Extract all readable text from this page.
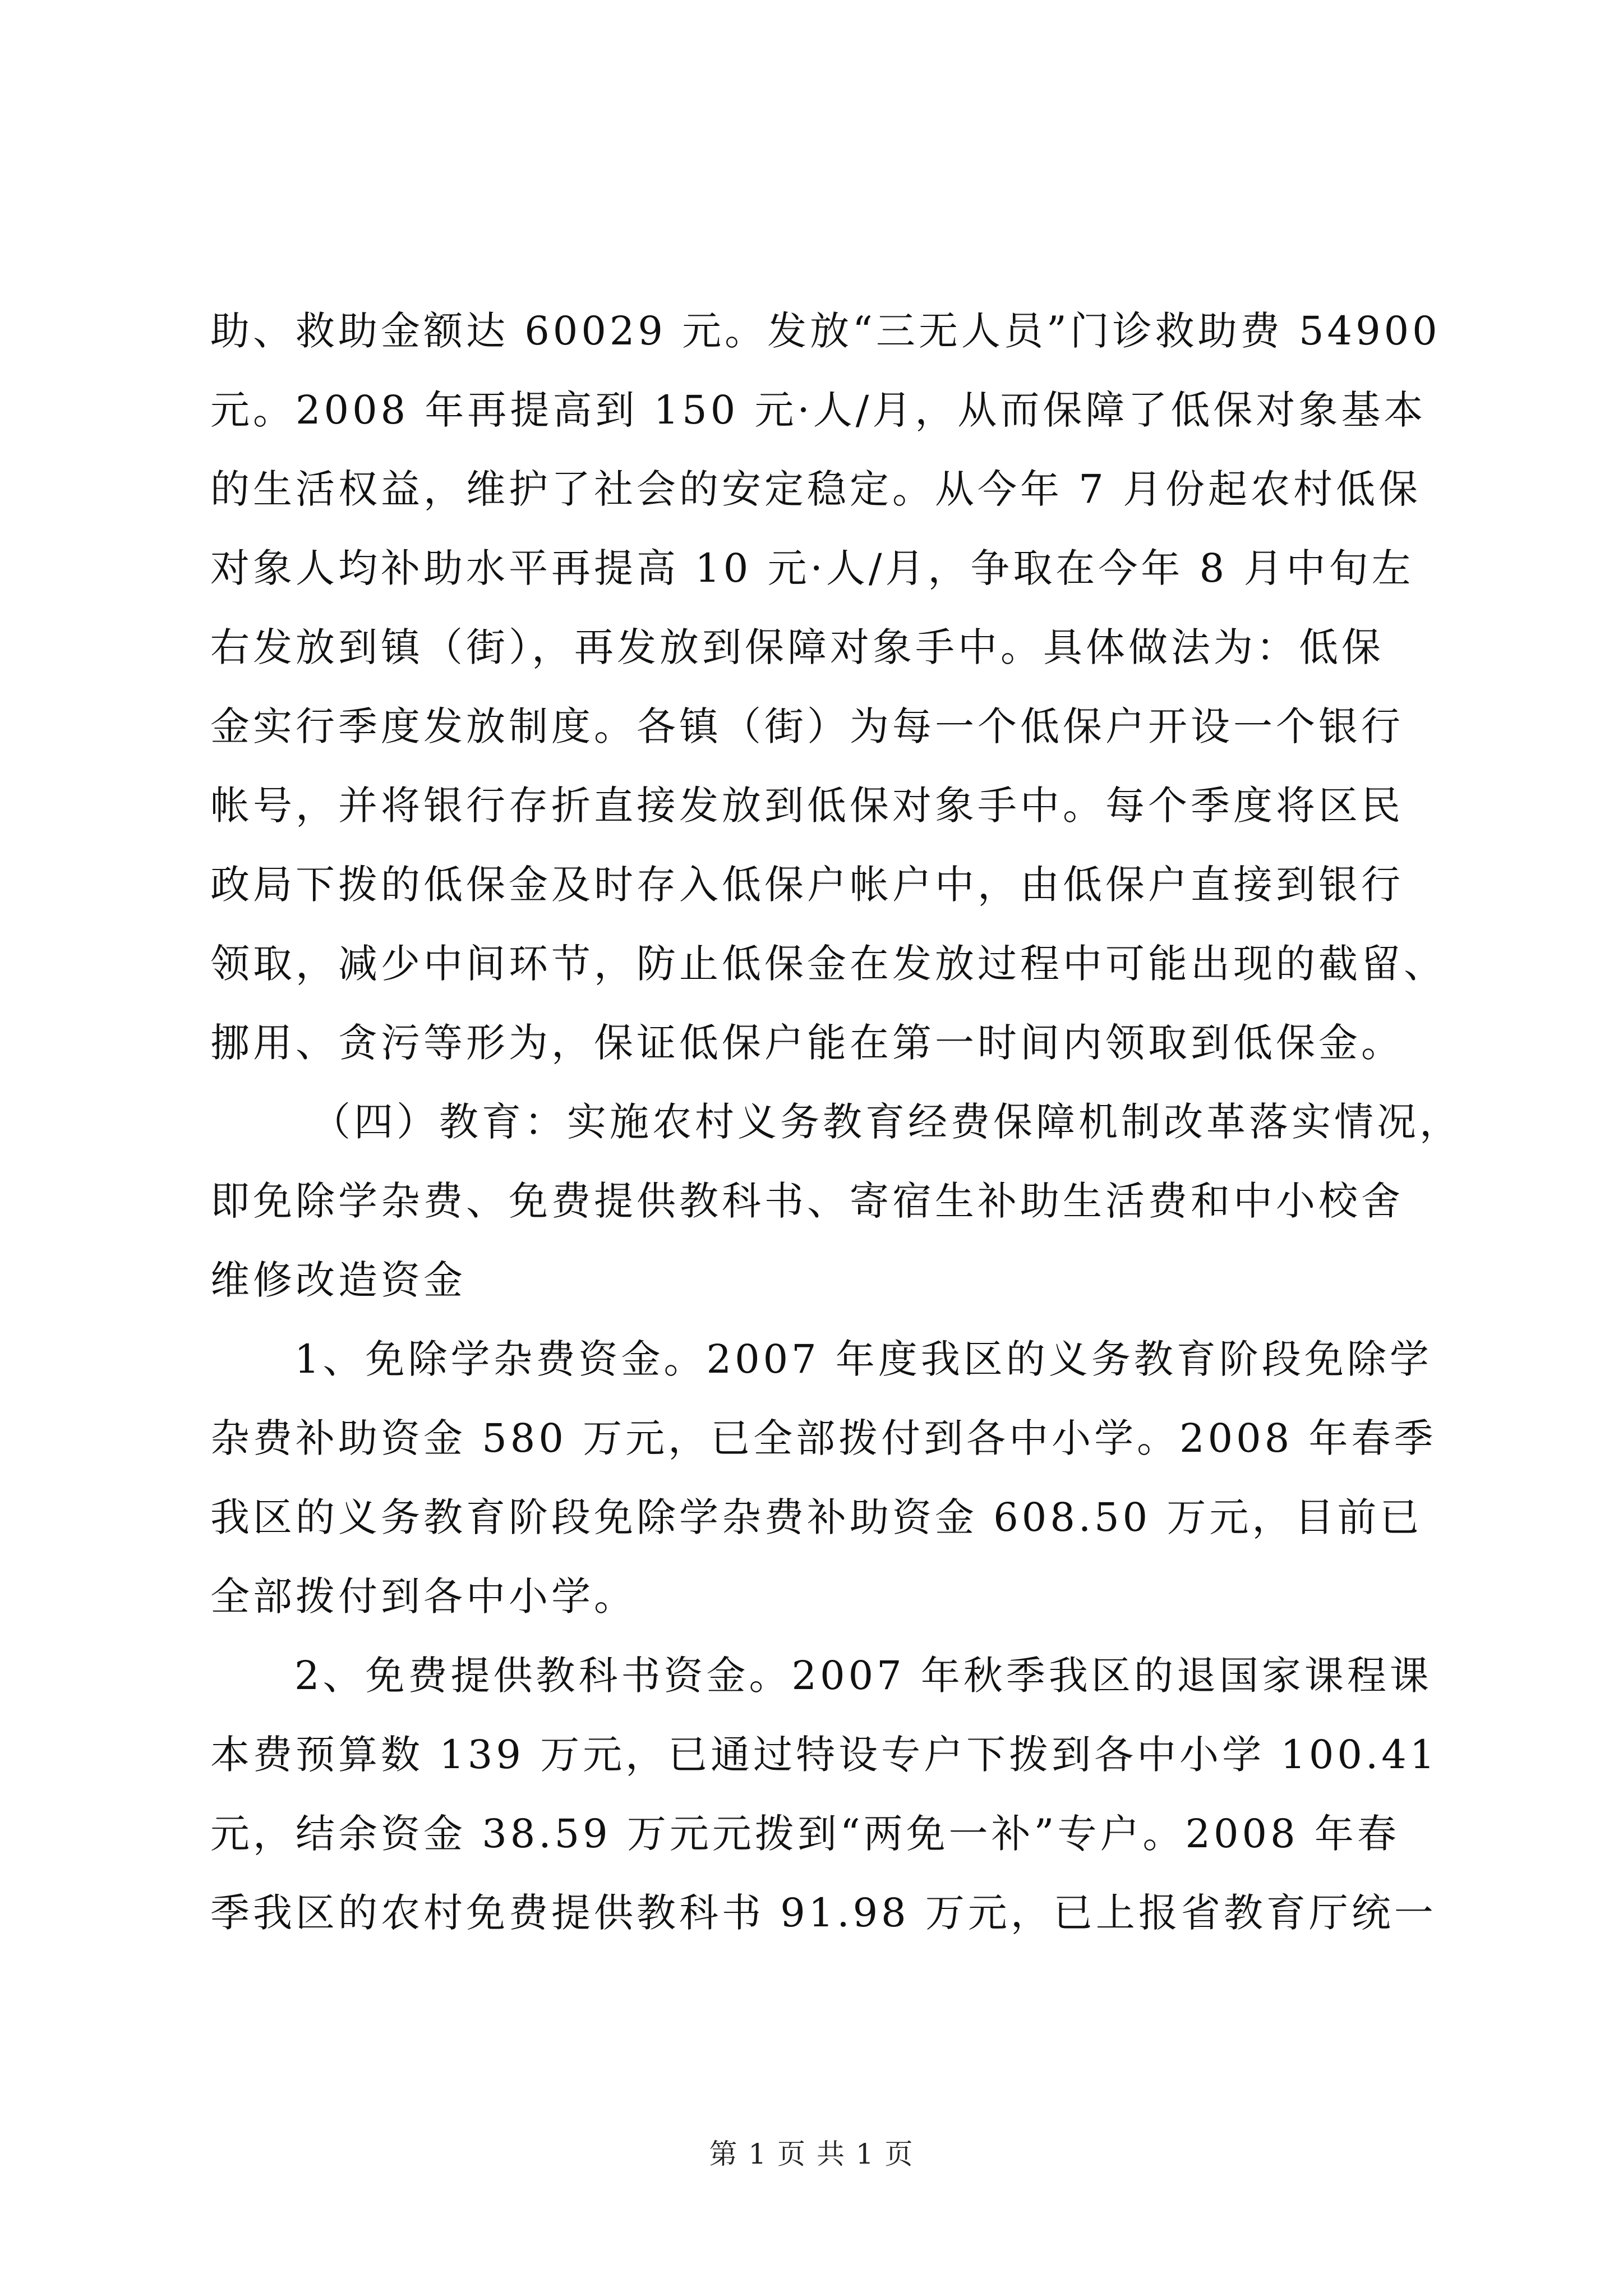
助、救助金额达 60029 元。发放“三无人员”门诊救助费 54900
元。2008 年再提高到 150 元·人/月，从而保障了低保对象基本
的生活权益，维护了社会的安定稳定。从今年 7 月份起农村低保
对象人均补助水平再提高 10 元·人/月，争取在今年 8 月中旬左
右发放到镇（街），再发放到保障对象手中。具体做法为：低保
金实行季度发放制度。各镇（街）为每一个低保户开设一个银行
帐号，并将银行存折直接发放到低保对象手中。每个季度将区民
政局下拨的低保金及时存入低保户帐户中，由低保户直接到银行
领取，减少中间环节，防止低保金在发放过程中可能出现的截留、
挪用、贪污等形为，保证低保户能在第一时间内领取到低保金。
（四）教育：实施农村义务教育经费保障机制改革落实情况，
即免除学杂费、免费提供教科书、寄宿生补助生活费和中小校舍
维修改造资金
1、免除学杂费资金。2007 年度我区的义务教育阶段免除学
杂费补助资金 580 万元，已全部拨付到各中小学。2008 年春季
我区的义务教育阶段免除学杂费补助资金 608.50 万元，目前已
全部拨付到各中小学。
2、免费提供教科书资金。2007 年秋季我区的退国家课程课
本费预算数 139 万元，已通过特设专户下拨到各中小学 100.41
元，结余资金 38.59 万元元拨到“两免一补”专户。2008 年春
季我区的农村免费提供教科书 91.98 万元，已上报省教育厅统一
第 1 页 共 1 页
